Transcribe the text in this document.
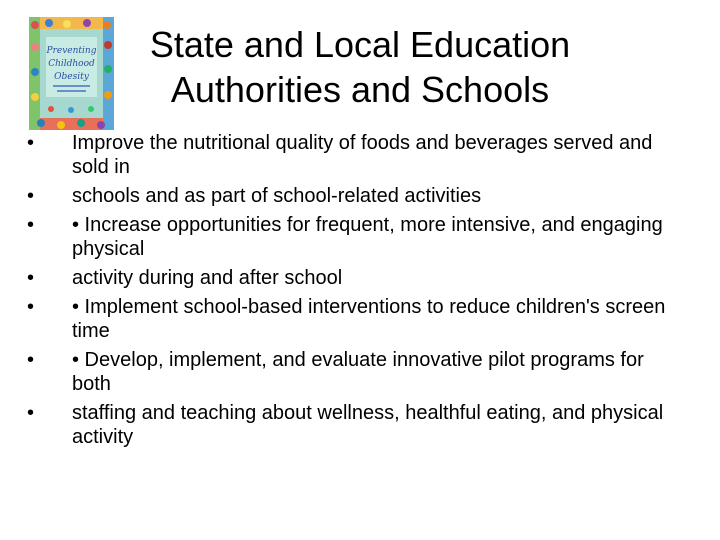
Preventing
Childhood
Obesity
State and Local Education
Authorities and Schools
•	Improve the nutritional quality of foods and beverages served and sold in
•	schools and as part of school-related activities
•	• Increase opportunities for frequent, more intensive, and engaging physical
•	activity during and after school
•	• Implement school-based interventions to reduce children's screen time
•	• Develop, implement, and evaluate innovative pilot programs for both
•	staffing and teaching about wellness, healthful eating, and physical activity
